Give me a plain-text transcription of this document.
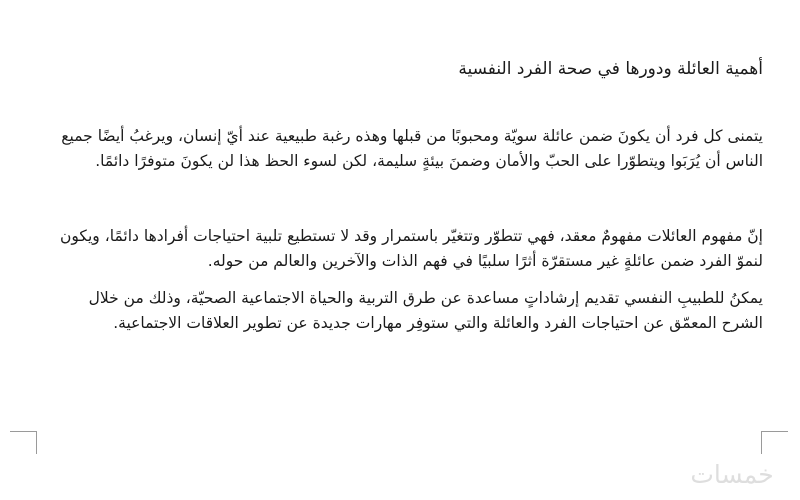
أهمية العائلة ودورها في صحة الفرد النفسية

يتمنى كل فرد أن يكونَ ضمن عائلة سويّة ومحبوبًا من قبلها وهذه رغبة طبيعية عند أيّ إنسان، ويرغبُ أيضًا جميع الناس أن يُرَبَوا ويتطوّرا على الحبّ والأمان وضمنَ بيئةٍ سليمة، لكن لسوء الحظ هذا لن يكونَ متوفرًا دائمًا.

إنّ مفهوم العائلات مفهومٌ معقد، فهي تتطوّر وتتغيّر باستمرار وقد لا تستطيع تلبية احتياجات أفرادها دائمًا، ويكون لنموّ الفرد ضمن عائلةٍ غير مستقرّة أثرًا سلبيًا في فهم الذات والآخرين والعالم من حوله.

يمكنُ للطبيبِ النفسي تقديم إرشاداتٍ مساعدة عن طرق التربية والحياة الاجتماعية الصحيّة، وذلك من خلال الشرح المعمّق عن احتياجات الفرد والعائلة والتي ستوفِر مهارات جديدة عن تطوير العلاقات الاجتماعية.

خمسات
